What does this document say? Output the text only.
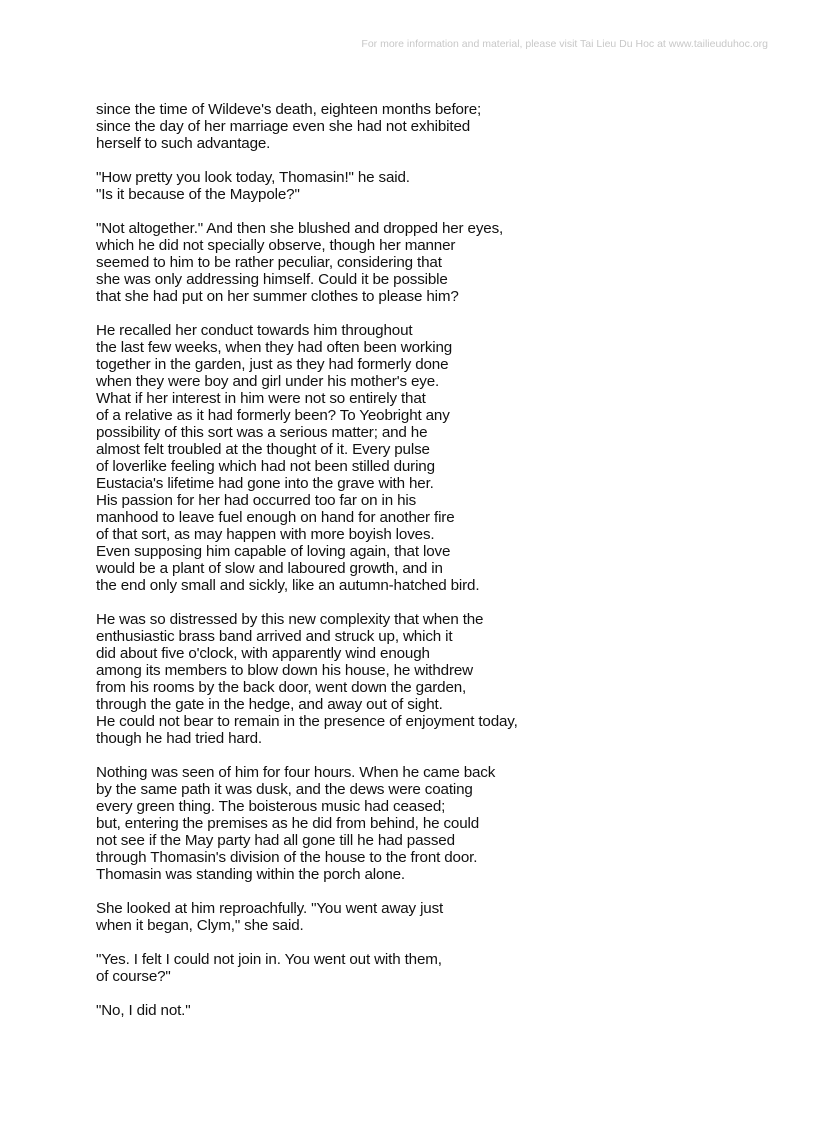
For more information and material, please visit Tai Lieu Du Hoc at www.tailieuduhoc.org

since the time of Wildeve's death, eighteen months before;
since the day of her marriage even she had not exhibited
herself to such advantage.

"How pretty you look today, Thomasin!" he said.
"Is it because of the Maypole?"

"Not altogether." And then she blushed and dropped her eyes,
which he did not specially observe, though her manner
seemed to him to be rather peculiar, considering that
she was only addressing himself. Could it be possible
that she had put on her summer clothes to please him?

He recalled her conduct towards him throughout
the last few weeks, when they had often been working
together in the garden, just as they had formerly done
when they were boy and girl under his mother's eye.
What if her interest in him were not so entirely that
of a relative as it had formerly been? To Yeobright any
possibility of this sort was a serious matter; and he
almost felt troubled at the thought of it. Every pulse
of loverlike feeling which had not been stilled during
Eustacia's lifetime had gone into the grave with her.
His passion for her had occurred too far on in his
manhood to leave fuel enough on hand for another fire
of that sort, as may happen with more boyish loves.
Even supposing him capable of loving again, that love
would be a plant of slow and laboured growth, and in
the end only small and sickly, like an autumn-hatched bird.

He was so distressed by this new complexity that when the
enthusiastic brass band arrived and struck up, which it
did about five o'clock, with apparently wind enough
among its members to blow down his house, he withdrew
from his rooms by the back door, went down the garden,
through the gate in the hedge, and away out of sight.
He could not bear to remain in the presence of enjoyment today,
though he had tried hard.

Nothing was seen of him for four hours. When he came back
by the same path it was dusk, and the dews were coating
every green thing. The boisterous music had ceased;
but, entering the premises as he did from behind, he could
not see if the May party had all gone till he had passed
through Thomasin's division of the house to the front door.
Thomasin was standing within the porch alone.

She looked at him reproachfully. "You went away just
when it began, Clym," she said.

"Yes. I felt I could not join in. You went out with them,
of course?"

"No, I did not."
